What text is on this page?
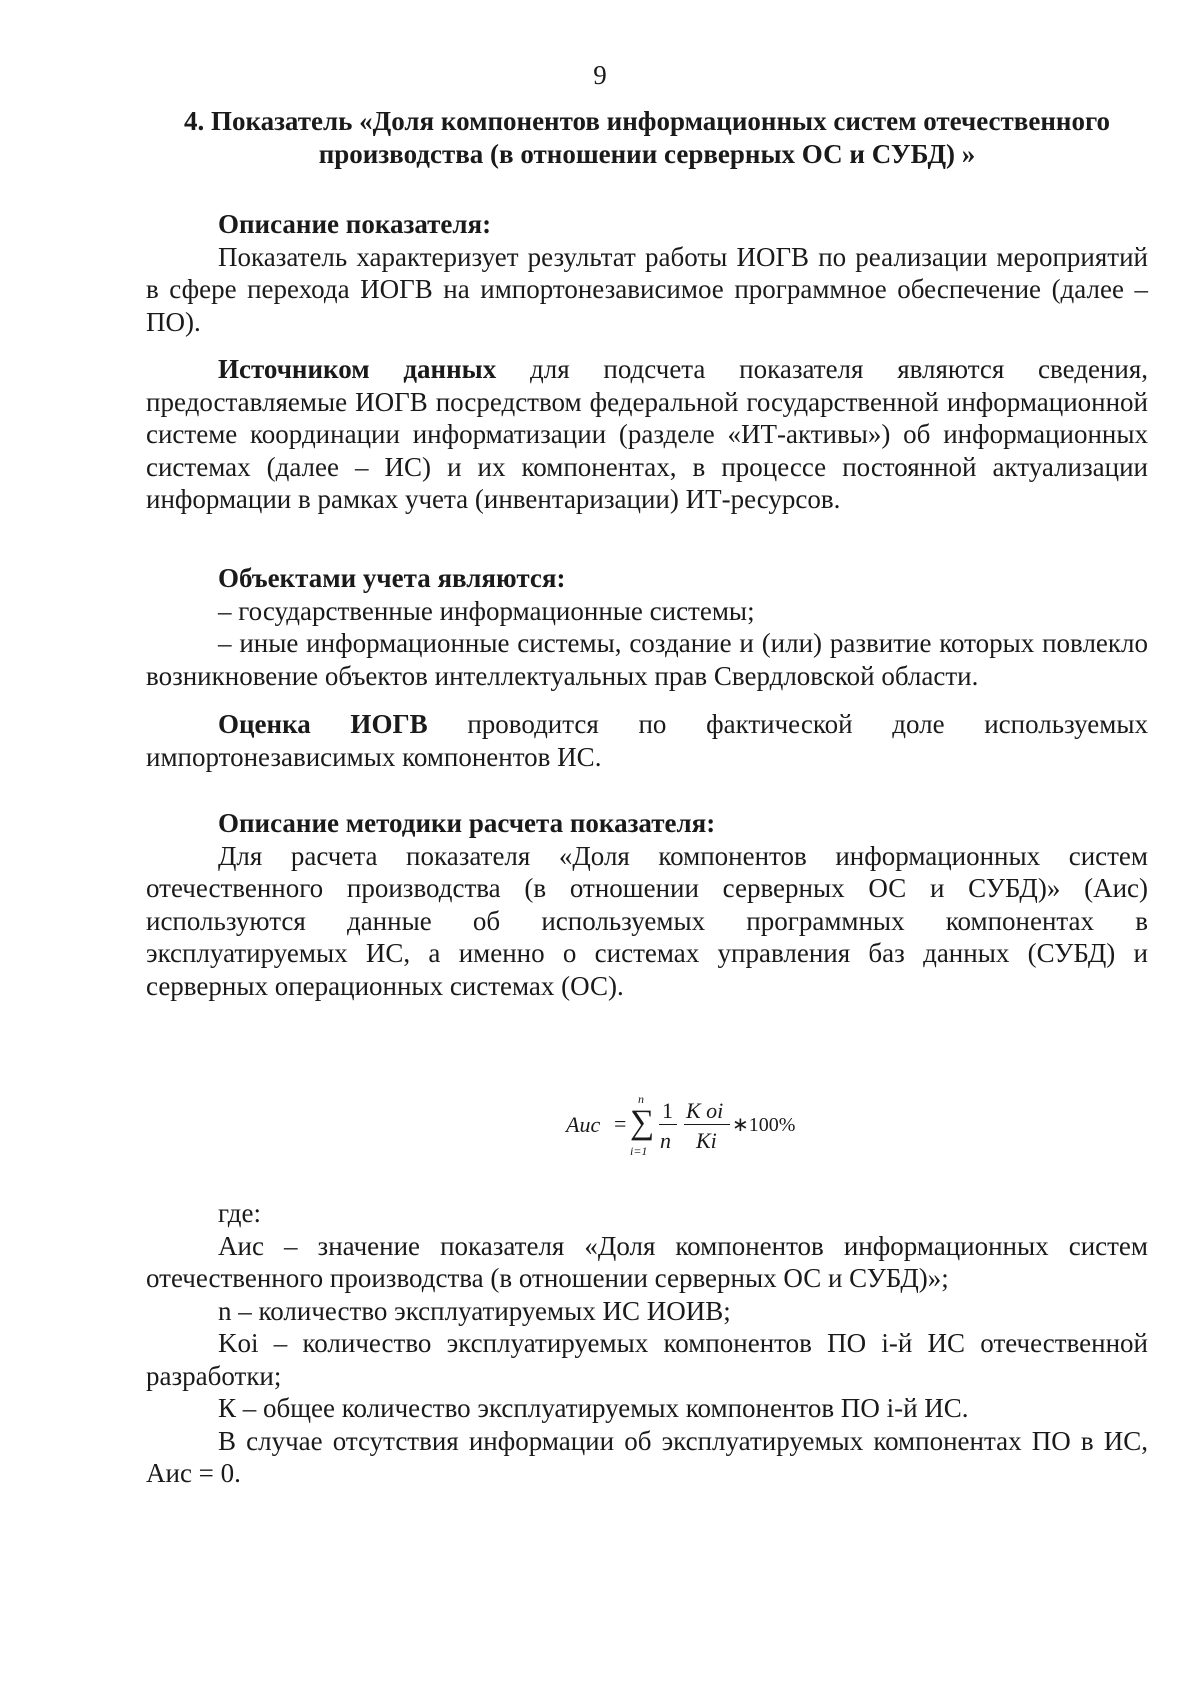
9
4. Показатель «Доля компонентов информационных систем отечественного производства (в отношении серверных ОС и СУБД) »
Описание показателя:

Показатель характеризует результат работы ИОГВ по реализации мероприятий в сфере перехода ИОГВ на импортонезависимое программное обеспечение (далее – ПО).

Источником данных для подсчета показателя являются сведения, предоставляемые ИОГВ посредством федеральной государственной информационной системе координации информатизации (разделе «ИТ-активы») об информационных системах (далее – ИС) и их компонентах, в процессе постоянной актуализации информации в рамках учета (инвентаризации) ИТ-ресурсов.

Объектами учета являются:

– государственные информационные системы;

– иные информационные системы, создание и (или) развитие которых повлекло возникновение объектов интеллектуальных прав Свердловской области.

Оценка ИОГВ проводится по фактической доле используемых импортонезависимых компонентов ИС.

Описание методики расчета показателя:

Для расчета показателя «Доля компонентов информационных систем отечественного производства (в отношении серверных ОС и СУБД)» (Аис) используются данные об используемых программных компонентах в эксплуатируемых ИС, а именно о системах управления баз данных (СУБД) и серверных операционных системах (ОС).

Аис = ∑
n
i=1
1
n
K oi
Ki
∗100%

где:

Аис – значение показателя «Доля компонентов информационных систем отечественного производства (в отношении серверных ОС и СУБД)»;

n – количество эксплуатируемых ИС ИОИВ;

Koi – количество эксплуатируемых компонентов ПО i-й ИС отечественной разработки;

К – общее количество эксплуатируемых компонентов ПО i-й ИС.

В случае отсутствия информации об эксплуатируемых компонентах ПО в ИС, Аис = 0.
